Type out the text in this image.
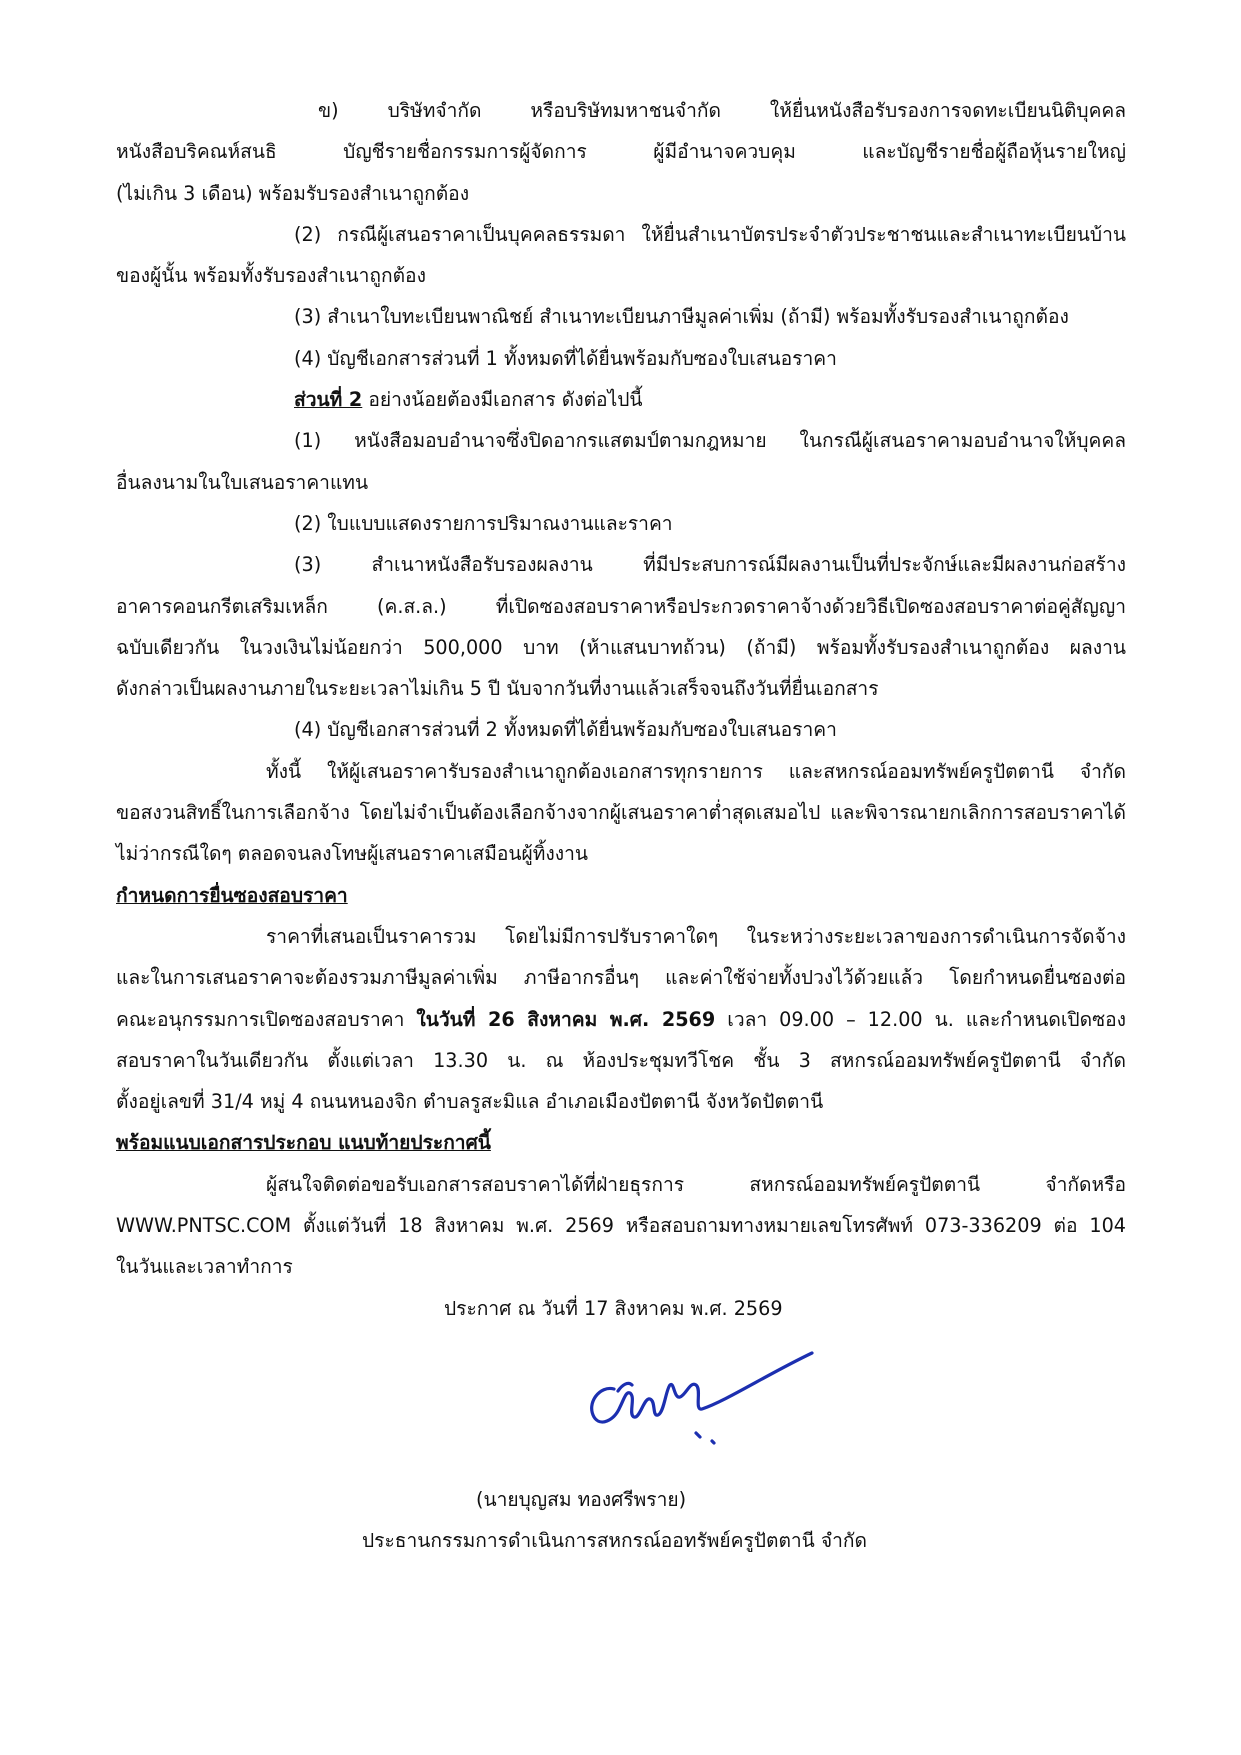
ข) บริษัทจำกัด หรือบริษัทมหาชนจำกัด ให้ยื่นหนังสือรับรองการจดทะเบียนนิติบุคคล
หนังสือบริคณห์สนธิ บัญชีรายชื่อกรรมการผู้จัดการ ผู้มีอำนาจควบคุม และบัญชีรายชื่อผู้ถือหุ้นรายใหญ่
(ไม่เกิน 3 เดือน) พร้อมรับรองสำเนาถูกต้อง
(2) กรณีผู้เสนอราคาเป็นบุคคลธรรมดา ให้ยื่นสำเนาบัตรประจำตัวประชาชนและสำเนาทะเบียนบ้าน
ของผู้นั้น พร้อมทั้งรับรองสำเนาถูกต้อง
(3) สำเนาใบทะเบียนพาณิชย์ สำเนาทะเบียนภาษีมูลค่าเพิ่ม (ถ้ามี) พร้อมทั้งรับรองสำเนาถูกต้อง
(4) บัญชีเอกสารส่วนที่ 1 ทั้งหมดที่ได้ยื่นพร้อมกับซองใบเสนอราคา
ส่วนที่ 2 อย่างน้อยต้องมีเอกสาร ดังต่อไปนี้
(1) หนังสือมอบอำนาจซึ่งปิดอากรแสตมป์ตามกฎหมาย ในกรณีผู้เสนอราคามอบอำนาจให้บุคคล
อื่นลงนามในใบเสนอราคาแทน
(2) ใบแบบแสดงรายการปริมาณงานและราคา
(3) สำเนาหนังสือรับรองผลงาน ที่มีประสบการณ์มีผลงานเป็นที่ประจักษ์และมีผลงานก่อสร้าง
อาคารคอนกรีตเสริมเหล็ก (ค.ส.ล.) ที่เปิดซองสอบราคาหรือประกวดราคาจ้างด้วยวิธีเปิดซองสอบราคาต่อคู่สัญญา
ฉบับเดียวกัน ในวงเงินไม่น้อยกว่า 500,000 บาท (ห้าแสนบาทถ้วน) (ถ้ามี) พร้อมทั้งรับรองสำเนาถูกต้อง ผลงาน
ดังกล่าวเป็นผลงานภายในระยะเวลาไม่เกิน 5 ปี นับจากวันที่งานแล้วเสร็จจนถึงวันที่ยื่นเอกสาร
(4) บัญชีเอกสารส่วนที่ 2 ทั้งหมดที่ได้ยื่นพร้อมกับซองใบเสนอราคา
ทั้งนี้ ให้ผู้เสนอราคารับรองสำเนาถูกต้องเอกสารทุกรายการ และสหกรณ์ออมทรัพย์ครูปัตตานี จำกัด
ขอสงวนสิทธิ์ในการเลือกจ้าง โดยไม่จำเป็นต้องเลือกจ้างจากผู้เสนอราคาต่ำสุดเสมอไป และพิจารณายกเลิกการสอบราคาได้
ไม่ว่ากรณีใดๆ ตลอดจนลงโทษผู้เสนอราคาเสมือนผู้ทิ้งงาน
กำหนดการยื่นซองสอบราคา
ราคาที่เสนอเป็นราคารวม โดยไม่มีการปรับราคาใดๆ ในระหว่างระยะเวลาของการดำเนินการจัดจ้าง
และในการเสนอราคาจะต้องรวมภาษีมูลค่าเพิ่ม ภาษีอากรอื่นๆ และค่าใช้จ่ายทั้งปวงไว้ด้วยแล้ว โดยกำหนดยื่นซองต่อ
คณะอนุกรรมการเปิดซองสอบราคา ในวันที่ 26 สิงหาคม พ.ศ. 2569 เวลา 09.00 – 12.00 น. และกำหนดเปิดซอง
สอบราคาในวันเดียวกัน ตั้งแต่เวลา 13.30 น. ณ ห้องประชุมทวีโชค ชั้น 3 สหกรณ์ออมทรัพย์ครูปัตตานี จำกัด
ตั้งอยู่เลขที่ 31/4 หมู่ 4 ถนนหนองจิก ตำบลรูสะมิแล อำเภอเมืองปัตตานี จังหวัดปัตตานี
พร้อมแนบเอกสารประกอบ แนบท้ายประกาศนี้
ผู้สนใจติดต่อขอรับเอกสารสอบราคาได้ที่ฝ่ายธุรการ สหกรณ์ออมทรัพย์ครูปัตตานี จำกัดหรือ
WWW.PNTSC.COM ตั้งแต่วันที่ 18 สิงหาคม พ.ศ. 2569 หรือสอบถามทางหมายเลขโทรศัพท์ 073-336209 ต่อ 104
ในวันและเวลาทำการ
ประกาศ ณ วันที่ 17 สิงหาคม พ.ศ. 2569
(นายบุญสม ทองศรีพราย)
ประธานกรรมการดำเนินการสหกรณ์ออทรัพย์ครูปัตตานี จำกัด
